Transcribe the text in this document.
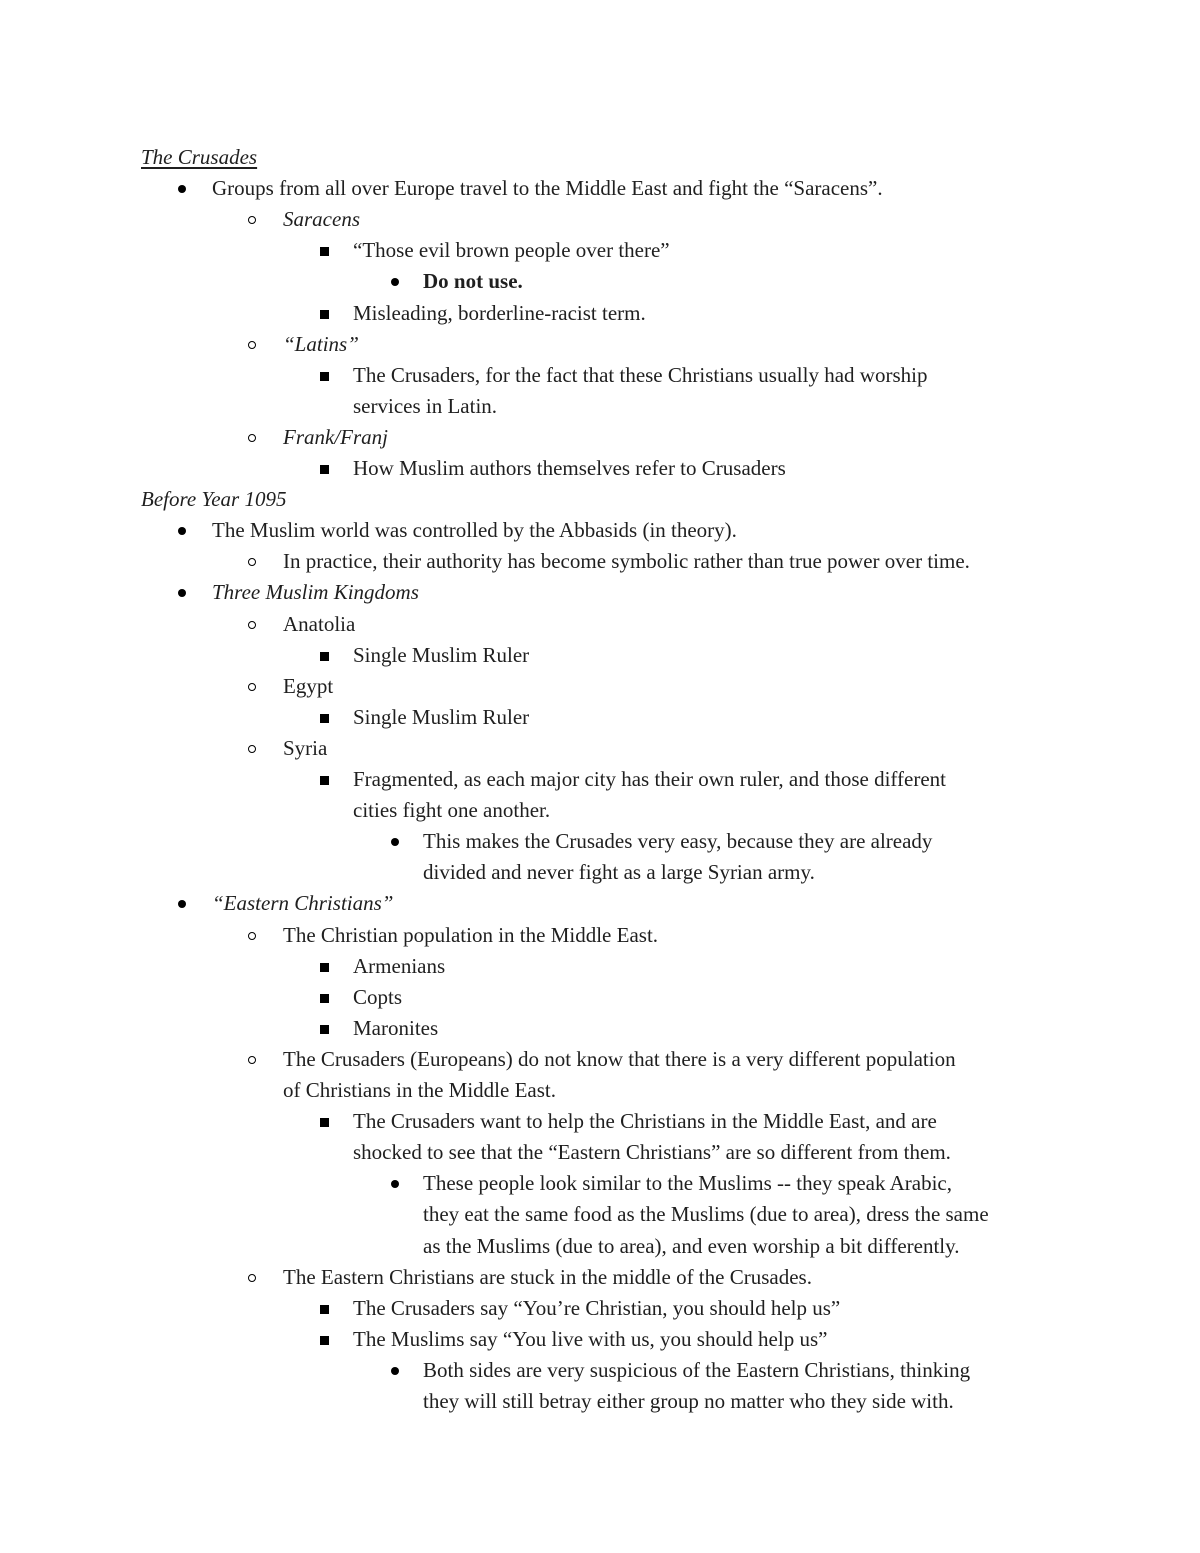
The Crusades
Groups from all over Europe travel to the Middle East and fight the “Saracens”.
Saracens
“Those evil brown people over there”
Do not use.
Misleading, borderline-racist term.
“Latins”
The Crusaders, for the fact that these Christians usually had worship
services in Latin.
Frank/Franj
How Muslim authors themselves refer to Crusaders
Before Year 1095
The Muslim world was controlled by the Abbasids (in theory).
In practice, their authority has become symbolic rather than true power over time.
Three Muslim Kingdoms
Anatolia
Single Muslim Ruler
Egypt
Single Muslim Ruler
Syria
Fragmented, as each major city has their own ruler, and those different
cities fight one another.
This makes the Crusades very easy, because they are already
divided and never fight as a large Syrian army.
“Eastern Christians”
The Christian population in the Middle East.
Armenians
Copts
Maronites
The Crusaders (Europeans) do not know that there is a very different population
of Christians in the Middle East.
The Crusaders want to help the Christians in the Middle East, and are
shocked to see that the “Eastern Christians” are so different from them.
These people look similar to the Muslims -- they speak Arabic,
they eat the same food as the Muslims (due to area), dress the same
as the Muslims (due to area), and even worship a bit differently.
The Eastern Christians are stuck in the middle of the Crusades.
The Crusaders say “You’re Christian, you should help us”
The Muslims say “You live with us, you should help us”
Both sides are very suspicious of the Eastern Christians, thinking
they will still betray either group no matter who they side with.
